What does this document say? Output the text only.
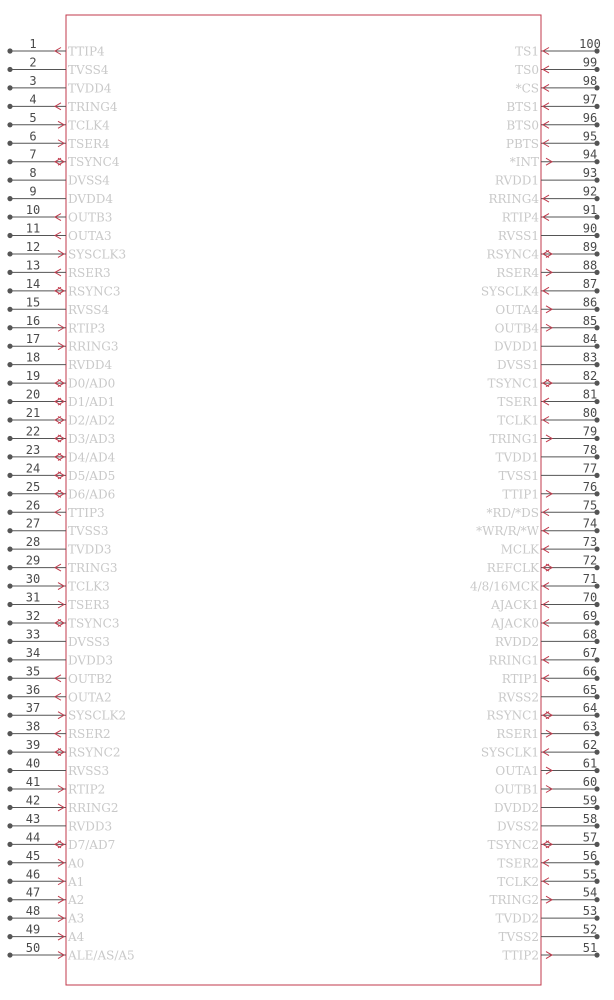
1
TTIP4
2
TVSS4
3
TVDD4
4
TRING4
5
TCLK4
6
TSER4
7
TSYNC4
8
DVSS4
9
DVDD4
10
OUTB3
11
OUTA3
12
SYSCLK3
13
RSER3
14
RSYNC3
15
RVSS4
16
RTIP3
17
RRING3
18
RVDD4
19
D0/AD0
20
D1/AD1
21
D2/AD2
22
D3/AD3
23
D4/AD4
24
D5/AD5
25
D6/AD6
26
TTIP3
27
TVSS3
28
TVDD3
29
TRING3
30
TCLK3
31
TSER3
32
TSYNC3
33
DVSS3
34
DVDD3
35
OUTB2
36
OUTA2
37
SYSCLK2
38
RSER2
39
RSYNC2
40
RVSS3
41
RTIP2
42
RRING2
43
RVDD3
44
D7/AD7
45
A0
46
A1
47
A2
48
A3
49
A4
50
ALE/AS/A5
100
TS1
99
TS0
98
*CS
97
BTS1
96
BTS0
95
PBTS
94
*INT
93
RVDD1
92
RRING4
91
RTIP4
90
RVSS1
89
RSYNC4
88
RSER4
87
SYSCLK4
86
OUTA4
85
OUTB4
84
DVDD1
83
DVSS1
82
TSYNC1
81
TSER1
80
TCLK1
79
TRING1
78
TVDD1
77
TVSS1
76
TTIP1
75
*RD/*DS
74
*WR/R/*W
73
MCLK
72
REFCLK
71
4/8/16MCK
70
AJACK1
69
AJACK0
68
RVDD2
67
RRING1
66
RTIP1
65
RVSS2
64
RSYNC1
63
RSER1
62
SYSCLK1
61
OUTA1
60
OUTB1
59
DVDD2
58
DVSS2
57
TSYNC2
56
TSER2
55
TCLK2
54
TRING2
53
TVDD2
52
TVSS2
51
TTIP2
